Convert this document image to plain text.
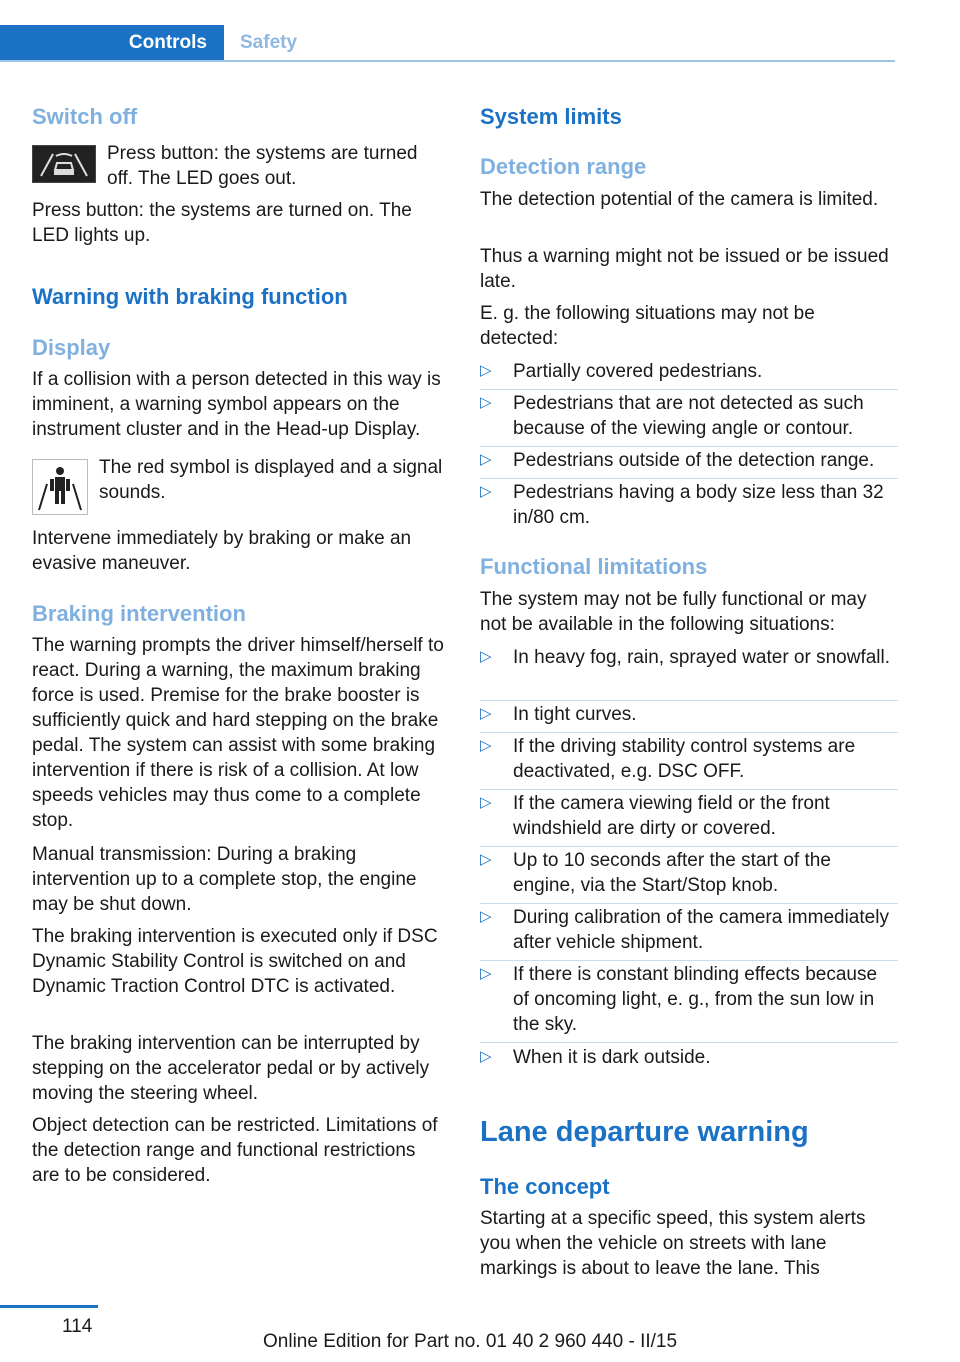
Controls	Safety
Switch off

Press button: the systems are turned off. The LED goes out.

Press button: the systems are turned on. The LED lights up.

Warning with braking function
Display

If a collision with a person detected in this way is imminent, a warning symbol appears on the instrument cluster and in the Head-up Display.

The red symbol is displayed and a signal sounds.

Intervene immediately by braking or make an evasive maneuver.

Braking intervention

The warning prompts the driver himself/herself to react. During a warning, the maximum braking force is used. Premise for the brake booster is sufficiently quick and hard stepping on the brake pedal. The system can assist with some braking intervention if there is risk of a collision. At low speeds vehicles may thus come to a complete stop.

Manual transmission: During a braking intervention up to a complete stop, the engine may be shut down.

The braking intervention is executed only if DSC Dynamic Stability Control is switched on and Dynamic Traction Control DTC is activated.

The braking intervention can be interrupted by stepping on the accelerator pedal or by actively moving the steering wheel.

Object detection can be restricted. Limitations of the detection range and functional restrictions are to be considered.

System limits
Detection range

The detection potential of the camera is limited.

Thus a warning might not be issued or be issued late.

E. g. the following situations may not be detected:

▷ Partially covered pedestrians.
▷ Pedestrians that are not detected as such because of the viewing angle or contour.
▷ Pedestrians outside of the detection range.
▷ Pedestrians having a body size less than 32 in/80 cm.
Functional limitations

The system may not be fully functional or may not be available in the following situations:

▷ In heavy fog, rain, sprayed water or snowfall.
▷ In tight curves.
▷ If the driving stability control systems are deactivated, e.g. DSC OFF.
▷ If the camera viewing field or the front windshield are dirty or covered.
▷ Up to 10 seconds after the start of the engine, via the Start/Stop knob.
▷ During calibration of the camera immediately after vehicle shipment.
▷ If there is constant blinding effects because of oncoming light, e. g., from the sun low in the sky.
▷ When it is dark outside.
Lane departure warning
The concept

Starting at a specific speed, this system alerts you when the vehicle on streets with lane markings is about to leave the lane. This

114
Online Edition for Part no. 01 40 2 960 440 - II/15
